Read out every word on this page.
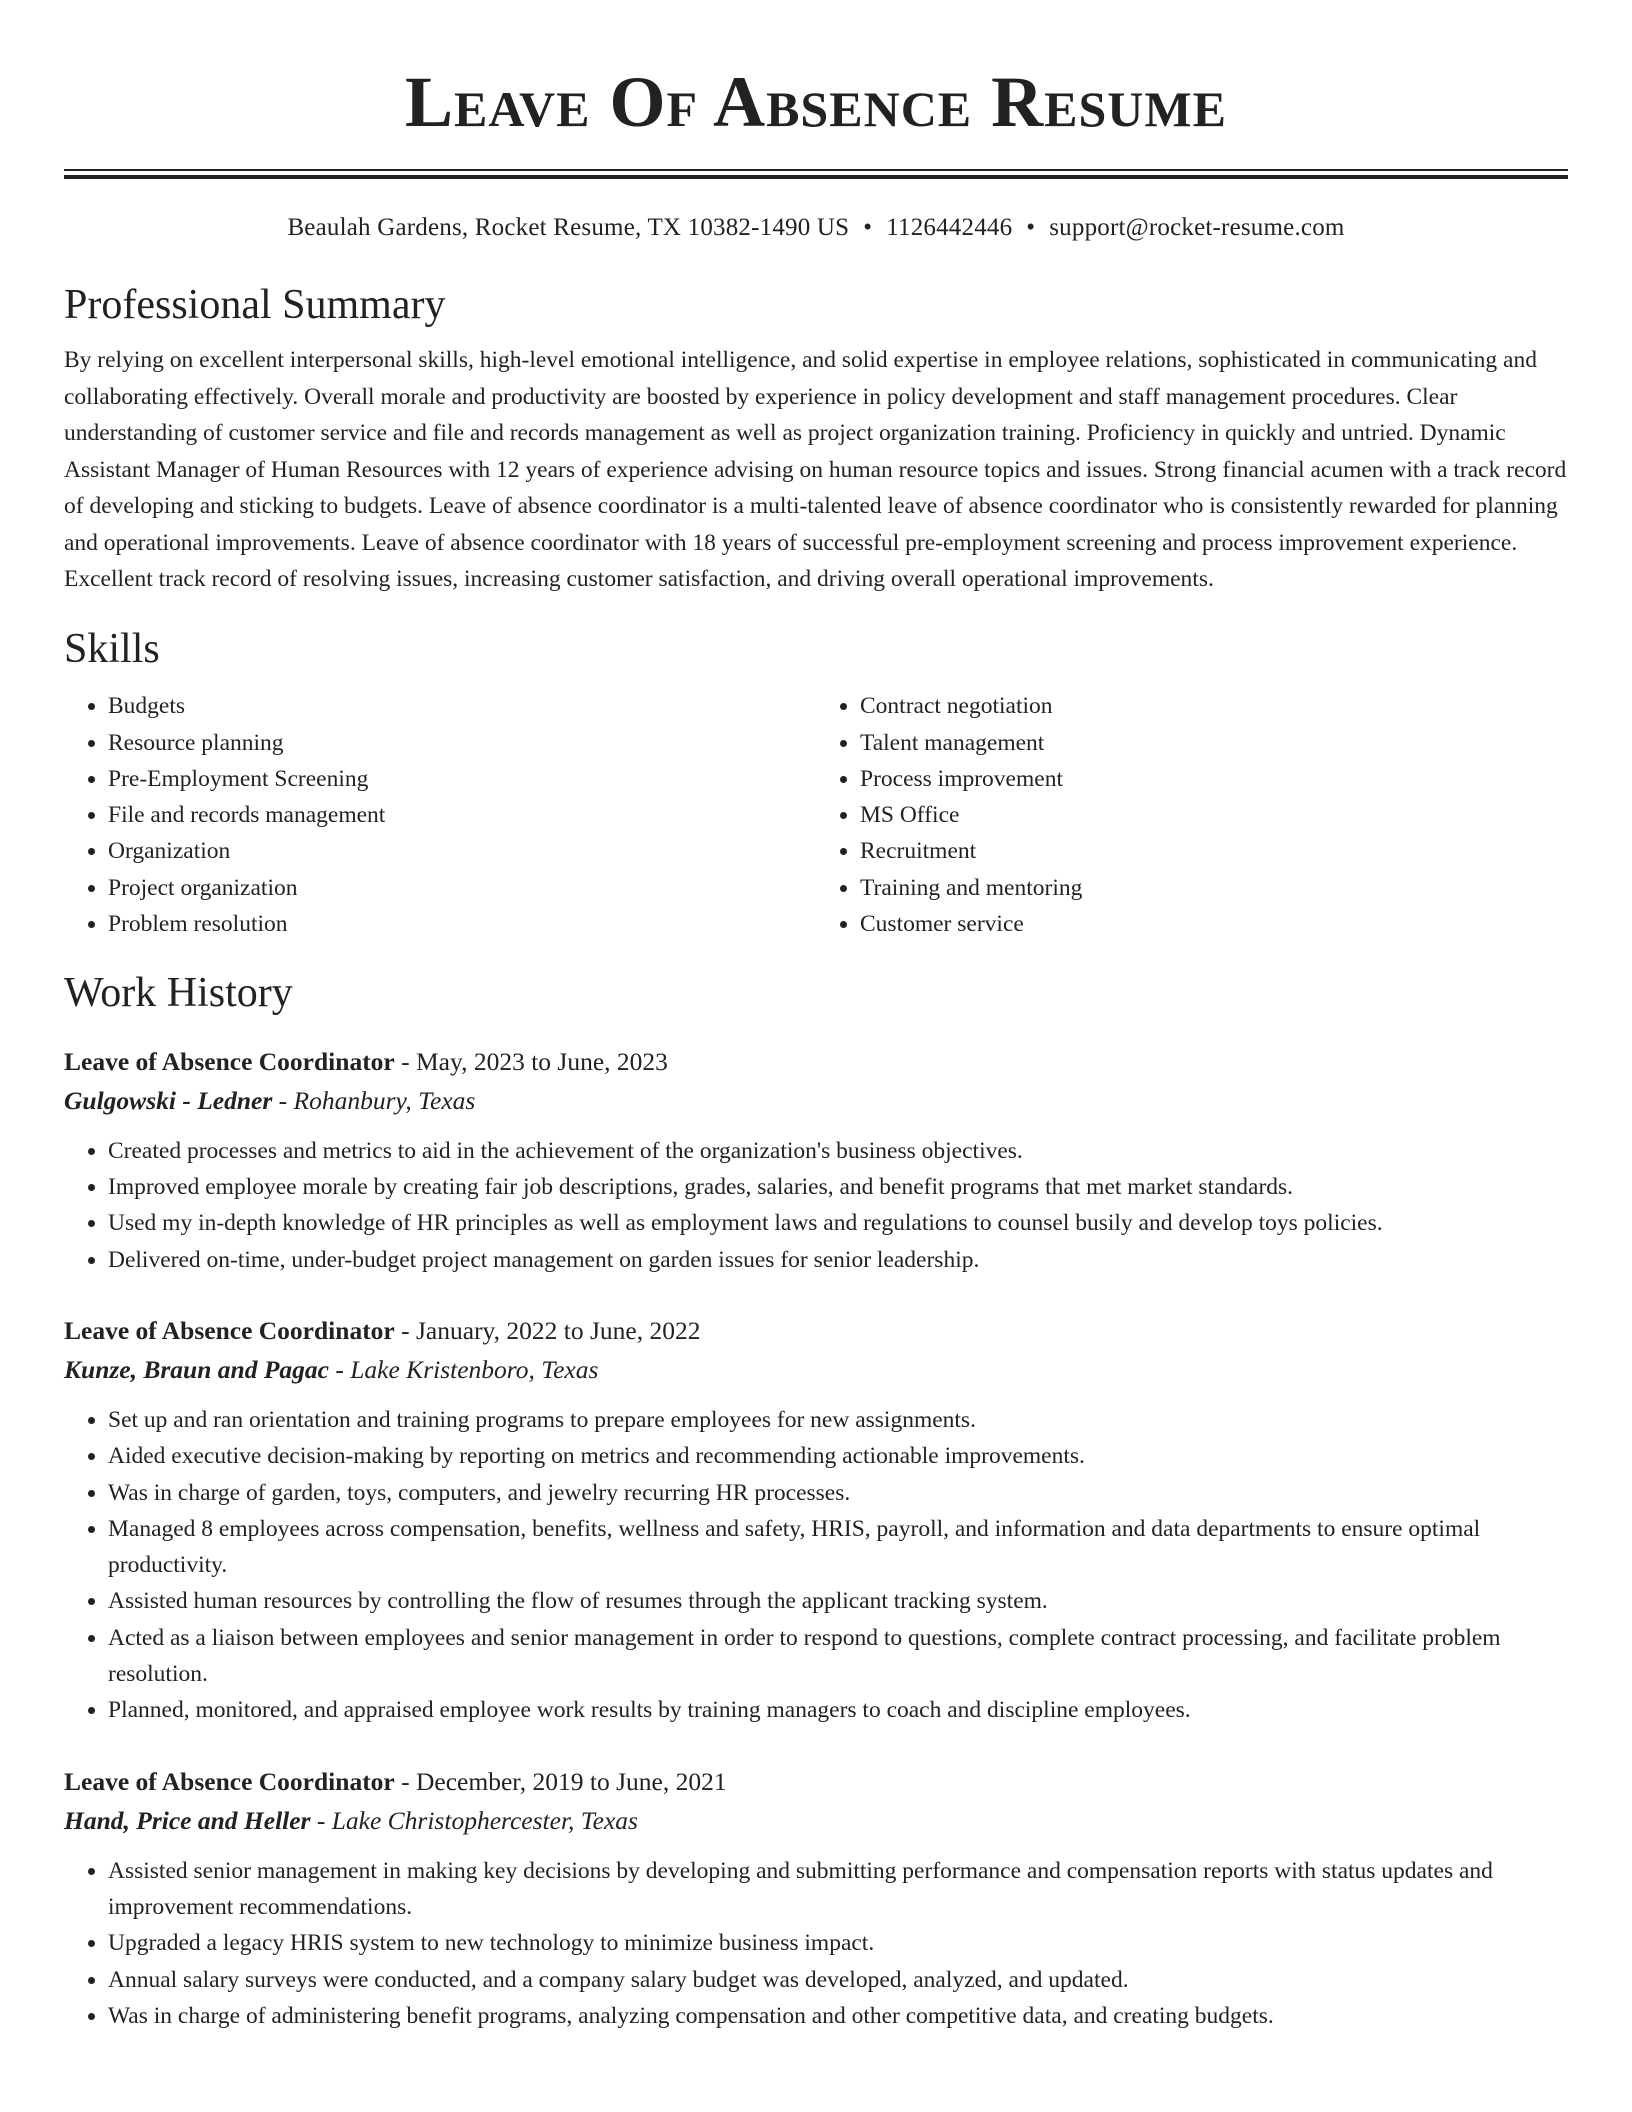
Leave Of Absence Resume
Beaulah Gardens, Rocket Resume, TX 10382-1490 US • 1126442446 • support@rocket-resume.com
Professional Summary

By relying on excellent interpersonal skills, high-level emotional intelligence, and solid expertise in employee relations, sophisticated in communicating and collaborating effectively. Overall morale and productivity are boosted by experience in policy development and staff management procedures. Clear understanding of customer service and file and records management as well as project organization training. Proficiency in quickly and untried. Dynamic Assistant Manager of Human Resources with 12 years of experience advising on human resource topics and issues. Strong financial acumen with a track record of developing and sticking to budgets. Leave of absence coordinator is a multi-talented leave of absence coordinator who is consistently rewarded for planning and operational improvements. Leave of absence coordinator with 18 years of successful pre-employment screening and process improvement experience. Excellent track record of resolving issues, increasing customer satisfaction, and driving overall operational improvements.

Skills
• Budgets
• Resource planning
• Pre-Employment Screening
• File and records management
• Organization
• Project organization
• Problem resolution
• Contract negotiation
• Talent management
• Process improvement
• MS Office
• Recruitment
• Training and mentoring
• Customer service
Work History
Leave of Absence Coordinator - May, 2023 to June, 2023
Gulgowski - Ledner - Rohanbury, Texas
• Created processes and metrics to aid in the achievement of the organization's business objectives.
• Improved employee morale by creating fair job descriptions, grades, salaries, and benefit programs that met market standards.
• Used my in-depth knowledge of HR principles as well as employment laws and regulations to counsel busily and develop toys policies.
• Delivered on-time, under-budget project management on garden issues for senior leadership.
Leave of Absence Coordinator - January, 2022 to June, 2022
Kunze, Braun and Pagac - Lake Kristenboro, Texas
• Set up and ran orientation and training programs to prepare employees for new assignments.
• Aided executive decision-making by reporting on metrics and recommending actionable improvements.
• Was in charge of garden, toys, computers, and jewelry recurring HR processes.
• Managed 8 employees across compensation, benefits, wellness and safety, HRIS, payroll, and information and data departments to ensure optimal productivity.
• Assisted human resources by controlling the flow of resumes through the applicant tracking system.
• Acted as a liaison between employees and senior management in order to respond to questions, complete contract processing, and facilitate problem resolution.
• Planned, monitored, and appraised employee work results by training managers to coach and discipline employees.
Leave of Absence Coordinator - December, 2019 to June, 2021
Hand, Price and Heller - Lake Christophercester, Texas
• Assisted senior management in making key decisions by developing and submitting performance and compensation reports with status updates and improvement recommendations.
• Upgraded a legacy HRIS system to new technology to minimize business impact.
• Annual salary surveys were conducted, and a company salary budget was developed, analyzed, and updated.
• Was in charge of administering benefit programs, analyzing compensation and other competitive data, and creating budgets.
